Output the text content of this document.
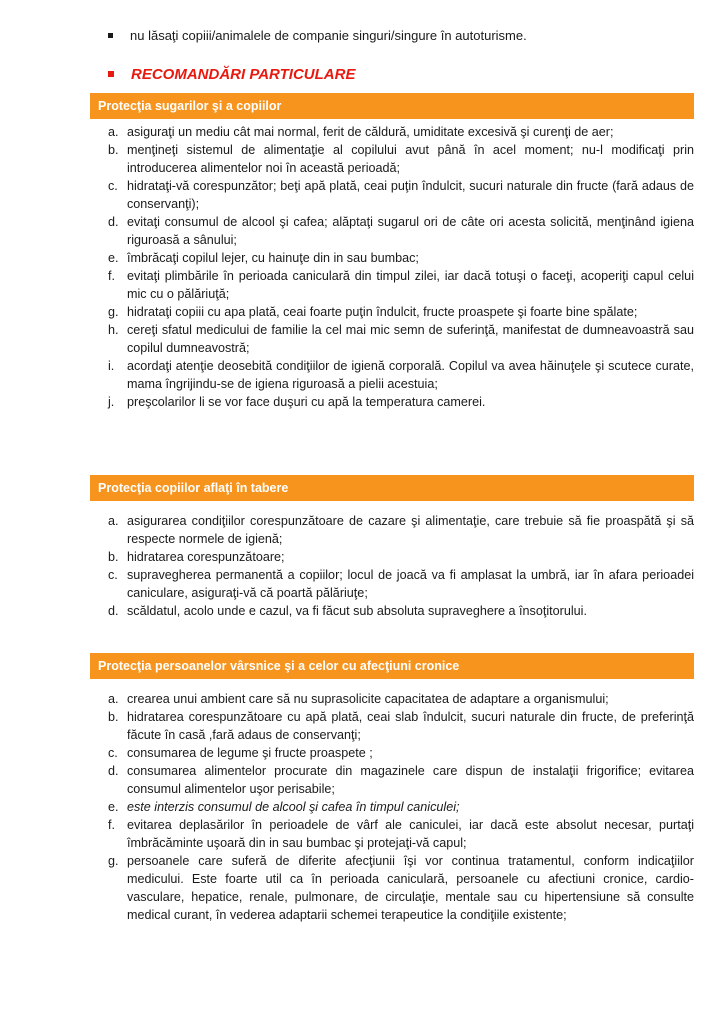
nu lăsaţi copiii/animalele de companie singuri/singure în autoturisme.
RECOMANDĂRI PARTICULARE
Protecţia sugarilor şi a copiilor
a. asiguraţi un mediu cât mai normal, ferit de căldură, umiditate excesivă şi curenţi de aer;
b. menţineţi sistemul de alimentaţie al copilului avut până în acel moment; nu-l modificaţi prin introducerea alimentelor noi în această perioadă;
c. hidrataţi-vă corespunzător; beţi apă plată, ceai puţin îndulcit, sucuri naturale din fructe (fară adaus de conservanţi);
d. evitaţi consumul de alcool şi cafea; alăptaţi sugarul ori de câte ori acesta solicită, menţinând igiena riguroasă a sânului;
e. îmbrăcaţi copilul lejer, cu hainuţe din in sau bumbac;
f. evitaţi plimbările în perioada caniculară din timpul zilei, iar dacă totuşi o faceţi, acoperiţi capul celui mic cu o pălăriuţă;
g. hidrataţi copiii cu apa plată, ceai foarte puţin îndulcit, fructe proaspete şi foarte bine spălate;
h. cereţi sfatul medicului de familie la cel mai mic semn de suferinţă, manifestat de dumneavoastră sau copilul dumneavostră;
i. acordaţi atenţie deosebită condiţiilor de igienă corporală. Copilul va avea hăinuţele şi scutece curate, mama îngrijindu-se de igiena riguroasă a pielii acestuia;
j. preşcolarilor li se vor face duşuri cu apă la temperatura camerei.
Protecţia copiilor aflaţi în tabere
a. asigurarea condiţiilor corespunzătoare de cazare şi alimentaţie, care trebuie să fie proaspătă şi să respecte normele de igienă;
b. hidratarea corespunzătoare;
c. supravegherea permanentă a copiilor; locul de joacă va fi amplasat la umbră, iar în afara perioadei caniculare, asiguraţi-vă că poartă pălăriuţe;
d. scăldatul, acolo unde e cazul, va fi făcut sub absoluta supraveghere a însoţitorului.
Protecţia persoanelor vârsnice şi a celor cu afecţiuni cronice
a. crearea unui ambient care să nu suprasolicite capacitatea de adaptare a organismului;
b. hidratarea corespunzătoare cu apă plată, ceai slab îndulcit, sucuri naturale din fructe, de preferinţă făcute în casă ,fară adaus de conservanţi;
c. consumarea de legume şi fructe proaspete ;
d. consumarea alimentelor procurate din magazinele care dispun de instalaţii frigorifice; evitarea consumul alimentelor uşor perisabile;
e. este interzis consumul de alcool şi cafea în timpul caniculei;
f. evitarea deplasărilor în perioadele de vârf ale caniculei, iar dacă este absolut necesar, purtaţi îmbrăcăminte uşoară din in sau bumbac şi protejaţi-vă capul;
g. persoanele care suferă de diferite afecţiunii îşi vor continua tratamentul, conform indicaţiilor medicului. Este foarte util ca în perioada caniculară, persoanele cu afectiuni cronice, cardio-vasculare, hepatice, renale, pulmonare, de circulaţie, mentale sau cu hipertensiune să consulte medical curant, în vederea adaptarii schemei terapeutice la condiţiile existente;
